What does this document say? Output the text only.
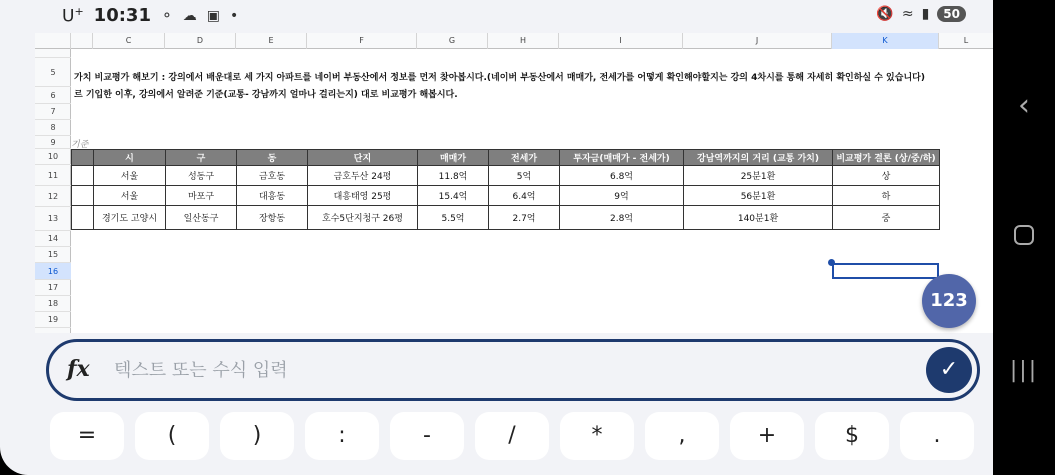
U+ 10:31 ⚬ ☁ ▣ •	🔇 ≈ ▮	50
C	D	E	F	G	H	I	J	K	L
5
6
7
8
9
10
11
12
13
14
15
16
17
18
19
가치 비교평가 해보기 : 강의에서 배운대로 세 가지 아파트를 네이버 부동산에서 정보를 먼저 찾아봅시다.(네이버 부동산에서 매매가, 전세가를 어떻게 확인해야할지는 강의 4차시를 통해 자세히 확인하실 수 있습니다)
르 기입한 이후, 강의에서 알려준 기준(교통- 강남까지 얼마나 걸리는지) 대로 비교평가 해봅시다.
기준
	시	구	동	단지	매매가	전세가	투자금(매매가 - 전세가)	강남역까지의 거리 (교통 가치)	비교평가 결론 (상/중/하)
	서울	성동구	금호동	금호두산 24평	11.8억	5억	6.8억	25분1환	상
	서울	마포구	대흥동	대흥태영 25평	15.4억	6.4억	9억	56분1환	하
	경기도 고양시	일산동구	장항동	호수5단지청구 26평	5.5억	2.7억	2.8억	140분1환	중
123
fx
텍스트 또는 수식 입력	✓
=	(	)	:	-	/	*	,	+	$	.
‹
|||
